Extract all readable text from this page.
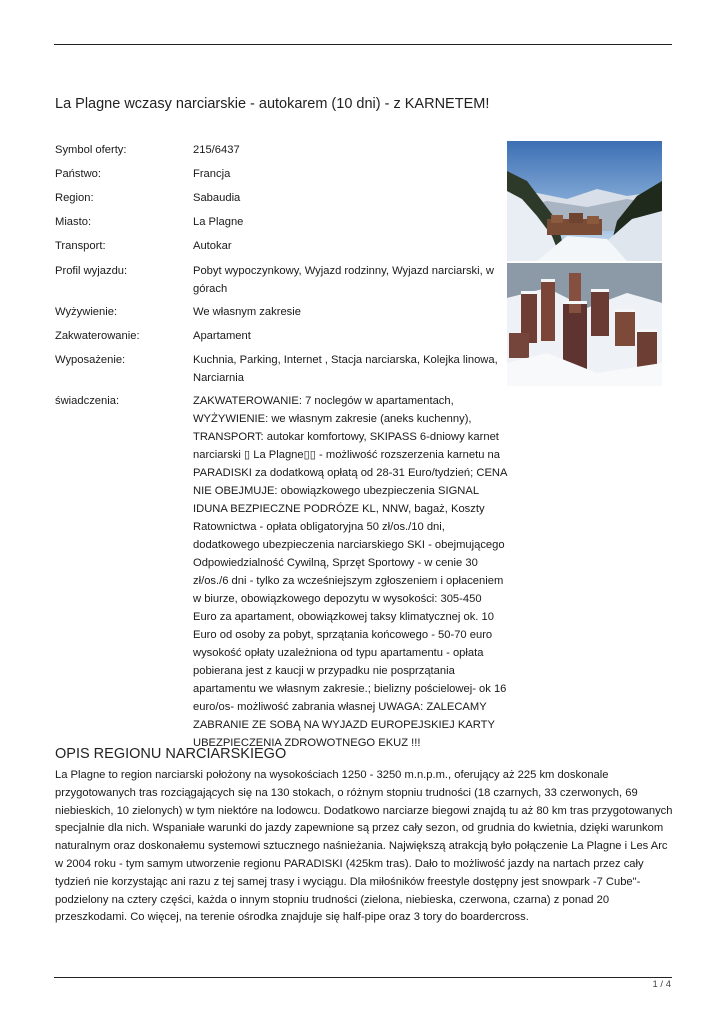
La Plagne wczasy narciarskie - autokarem (10 dni) - z KARNETEM!
Symbol oferty:	215/6437
Państwo:	Francja
Region:	Sabaudia
Miasto:	La Plagne
Transport:	Autokar
Profil wyjazdu:	Pobyt wypoczynkowy, Wyjazd rodzinny, Wyjazd narciarski, w górach
Wyżywienie:	We własnym zakresie
Zakwaterowanie:	Apartament
Wyposażenie:	Kuchnia, Parking, Internet , Stacja narciarska, Kolejka linowa, Narciarnia
świadczenia:	ZAKWATEROWANIE: 7 noclegów w apartamentach, WYŻYWIENIE: we własnym zakresie (aneks kuchenny), TRANSPORT: autokar komfortowy, SKIPASS 6-dniowy karnet narciarski ▯ La Plagne▯▯ - możliwość rozszerzenia karnetu na PARADISKI za dodatkową opłatą od 28-31 Euro/tydzień; CENA NIE OBEJMUJE: obowiązkowego ubezpieczenia SIGNAL IDUNA BEZPIECZNE PODRÓZE KL, NNW, bagaż, Koszty Ratownictwa - opłata obligatoryjna 50 zł/os./10 dni, dodatkowego ubezpieczenia narciarskiego SKI - obejmującego Odpowiedzialność Cywilną, Sprzęt Sportowy - w cenie 30 zł/os./6 dni - tylko za wcześniejszym zgłoszeniem i opłaceniem w biurze, obowiązkowego depozytu w wysokości: 305-450 Euro za apartament, obowiązkowej taksy klimatycznej ok. 10 Euro od osoby za pobyt, sprzątania końcowego - 50-70 euro wysokość opłaty uzależniona od typu apartamentu - opłata pobierana jest z kaucji w przypadku nie posprzątania apartamentu we własnym zakresie.; bielizny pościelowej- ok 16 euro/os- możliwość zabrania własnej UWAGA: ZALECAMY ZABRANIE ZE SOBĄ NA WYJAZD EUROPEJSKIEJ KARTY UBEZPIECZENIA ZDROWOTNEGO EKUZ !!!
OPIS REGIONU NARCIARSKIEGO
La Plagne to region narciarski położony na wysokościach 1250 - 3250 m.n.p.m., oferujący aż 225 km doskonale przygotowanych tras rozciągających się na 130 stokach, o różnym stopniu trudności (18 czarnych, 33 czerwonych, 69 niebieskich, 10 zielonych) w tym niektóre na lodowcu. Dodatkowo narciarze biegowi znajdą tu aż 80 km tras przygotowanych specjalnie dla nich. Wspaniałe warunki do jazdy zapewnione są przez cały sezon, od grudnia do kwietnia, dzięki warunkom naturalnym oraz doskonałemu systemowi sztucznego naśnieżania. Największą atrakcją było połączenie La Plagne i Les Arc w 2004 roku - tym samym utworzenie regionu PARADISKI (425km tras). Dało to możliwość jazdy na nartach przez cały tydzień nie korzystając ani razu z tej samej trasy i wyciągu. Dla miłośników freestyle dostępny jest snowpark -7 Cube"- podzielony na cztery części, każda o innym stopniu trudności (zielona, niebieska, czerwona, czarna) z ponad 20 przeszkodami. Co więcej, na terenie ośrodka znajduje się half-pipe oraz 3 tory do boardercross.
1 / 4
